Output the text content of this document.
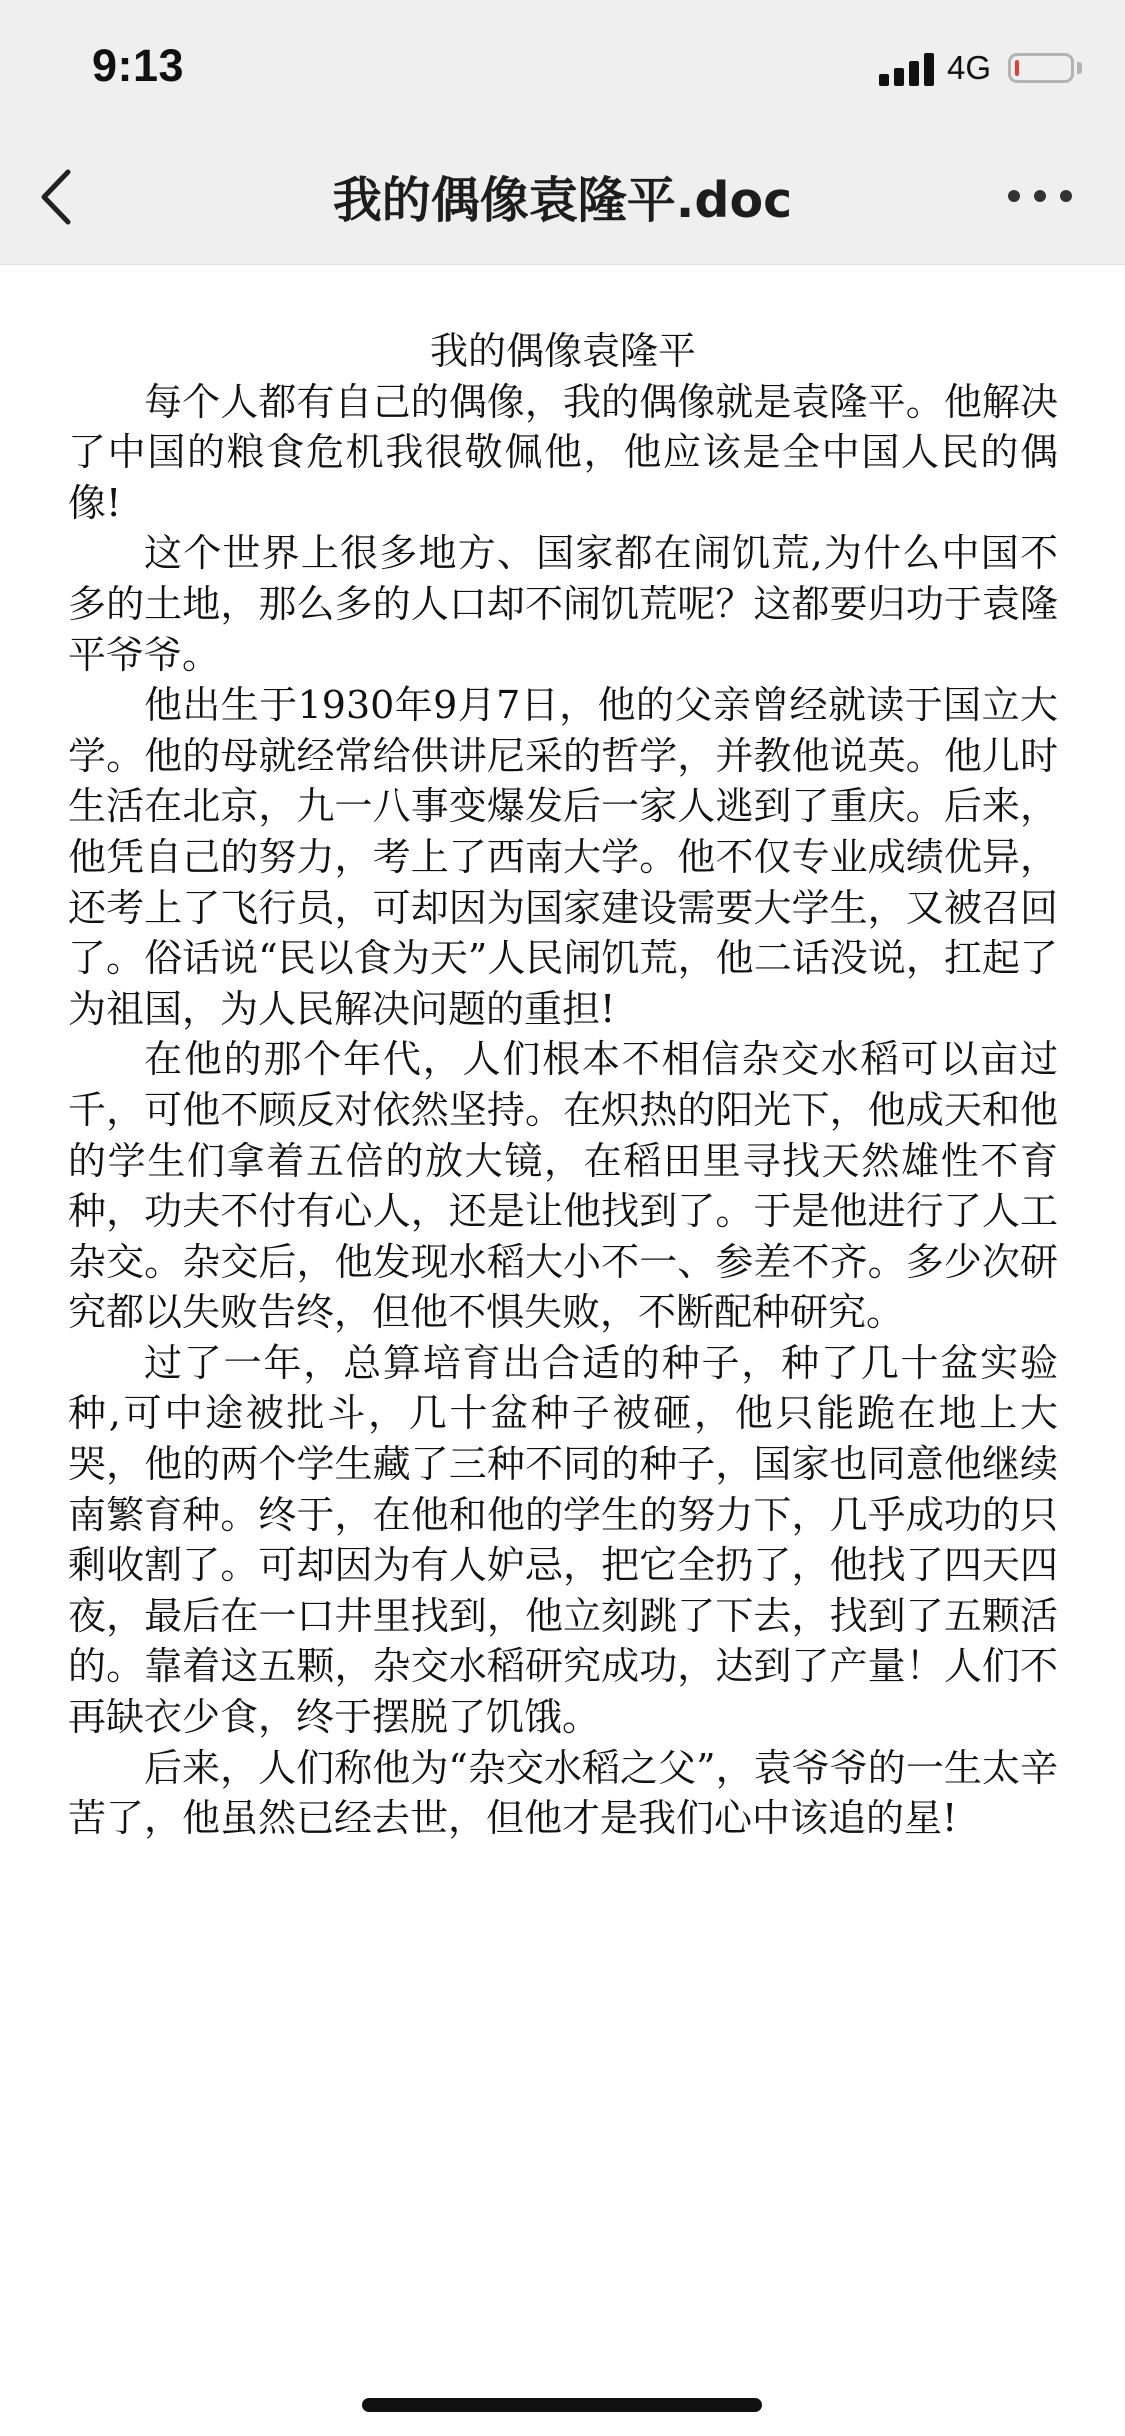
9:13	4G
我的偶像袁隆平.doc
我的偶像袁隆平

每个人都有自己的偶像，我的偶像就是袁隆平。他解决了中国的粮食危机我很敬佩他，他应该是全中国人民的偶像!

这个世界上很多地方、国家都在闹饥荒,为什么中国不多的土地，那么多的人口却不闹饥荒呢？这都要归功于袁隆平爷爷。

他出生于1930年9月7日，他的父亲曾经就读于国立大学。他的母就经常给供讲尼采的哲学，并教他说英。他儿时生活在北京，九一八事变爆发后一家人逃到了重庆。后来，他凭自己的努力，考上了西南大学。他不仅专业成绩优异，还考上了飞行员，可却因为国家建设需要大学生，又被召回了。俗话说“民以食为天”人民闹饥荒，他二话没说，扛起了为祖国，为人民解决问题的重担!

在他的那个年代，人们根本不相信杂交水稻可以亩过千，可他不顾反对依然坚持。在炽热的阳光下，他成天和他的学生们拿着五倍的放大镜，在稻田里寻找天然雄性不育种，功夫不付有心人，还是让他找到了。于是他进行了人工杂交。杂交后，他发现水稻大小不一、参差不齐。多少次研究都以失败告终，但他不惧失败，不断配种研究。

过了一年，总算培育出合适的种子，种了几十盆实验种,可中途被批斗，几十盆种子被砸，他只能跪在地上大哭，他的两个学生藏了三种不同的种子，国家也同意他继续南繁育种。终于，在他和他的学生的努力下，几乎成功的只剩收割了。可却因为有人妒忌，把它全扔了，他找了四天四夜，最后在一口井里找到，他立刻跳了下去，找到了五颗活的。靠着这五颗，杂交水稻研究成功，达到了产量！人们不再缺衣少食，终于摆脱了饥饿。

后来，人们称他为“杂交水稻之父”，袁爷爷的一生太辛苦了，他虽然已经去世，但他才是我们心中该追的星!
